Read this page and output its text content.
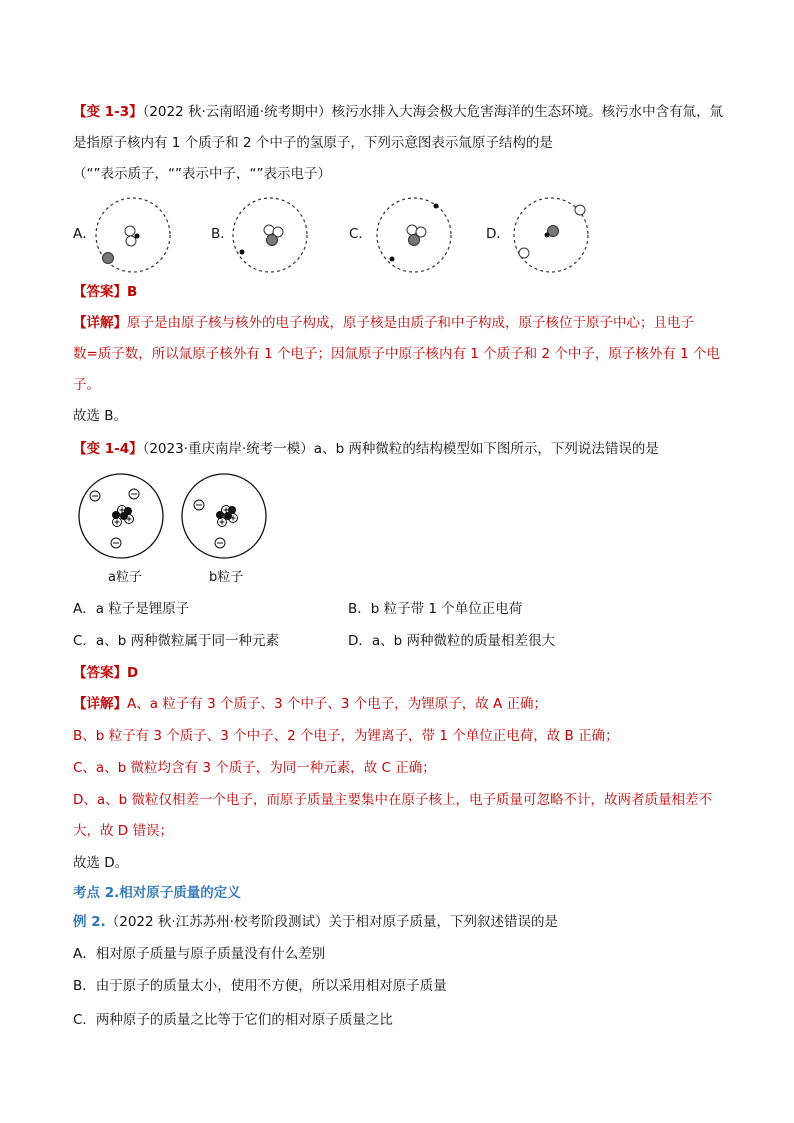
【变 1-3】（2022 秋·云南昭通·统考期中）核污水排入大海会极大危害海洋的生态环境。核污水中含有氚，氚
是指原子核内有 1 个质子和 2 个中子的氢原子，下列示意图表示氚原子结构的是
（“”表示质子，“”表示中子，“”表示电子）
A．	B．	C．	D．
【答案】B
【详解】原子是由原子核与核外的电子构成，原子核是由质子和中子构成，原子核位于原子中心；且电子
数=质子数，所以氚原子核外有 1 个电子；因氚原子中原子核内有 1 个质子和 2 个中子，原子核外有 1 个电
子。
故选 B。
【变 1-4】（2023·重庆南岸·统考一模）a、b 两种微粒的结构模型如下图所示，下列说法错误的是
a粒子	b粒子
A．a 粒子是锂原子	B．b 粒子带 1 个单位正电荷
C．a、b 两种微粒属于同一种元素	D．a、b 两种微粒的质量相差很大
【答案】D
【详解】A、a 粒子有 3 个质子、3 个中子、3 个电子，为锂原子，故 A 正确；
B、b 粒子有 3 个质子、3 个中子、2 个电子，为锂离子，带 1 个单位正电荷，故 B 正确；
C、a、b 微粒均含有 3 个质子，为同一种元素，故 C 正确；
D、a、b 微粒仅相差一个电子，而原子质量主要集中在原子核上，电子质量可忽略不计，故两者质量相差不
大，故 D 错误；
故选 D。
考点 2.相对原子质量的定义
例 2.（2022 秋·江苏苏州·校考阶段测试）关于相对原子质量，下列叙述错误的是
A．相对原子质量与原子质量没有什么差别
B．由于原子的质量太小，使用不方便，所以采用相对原子质量
C．两种原子的质量之比等于它们的相对原子质量之比
